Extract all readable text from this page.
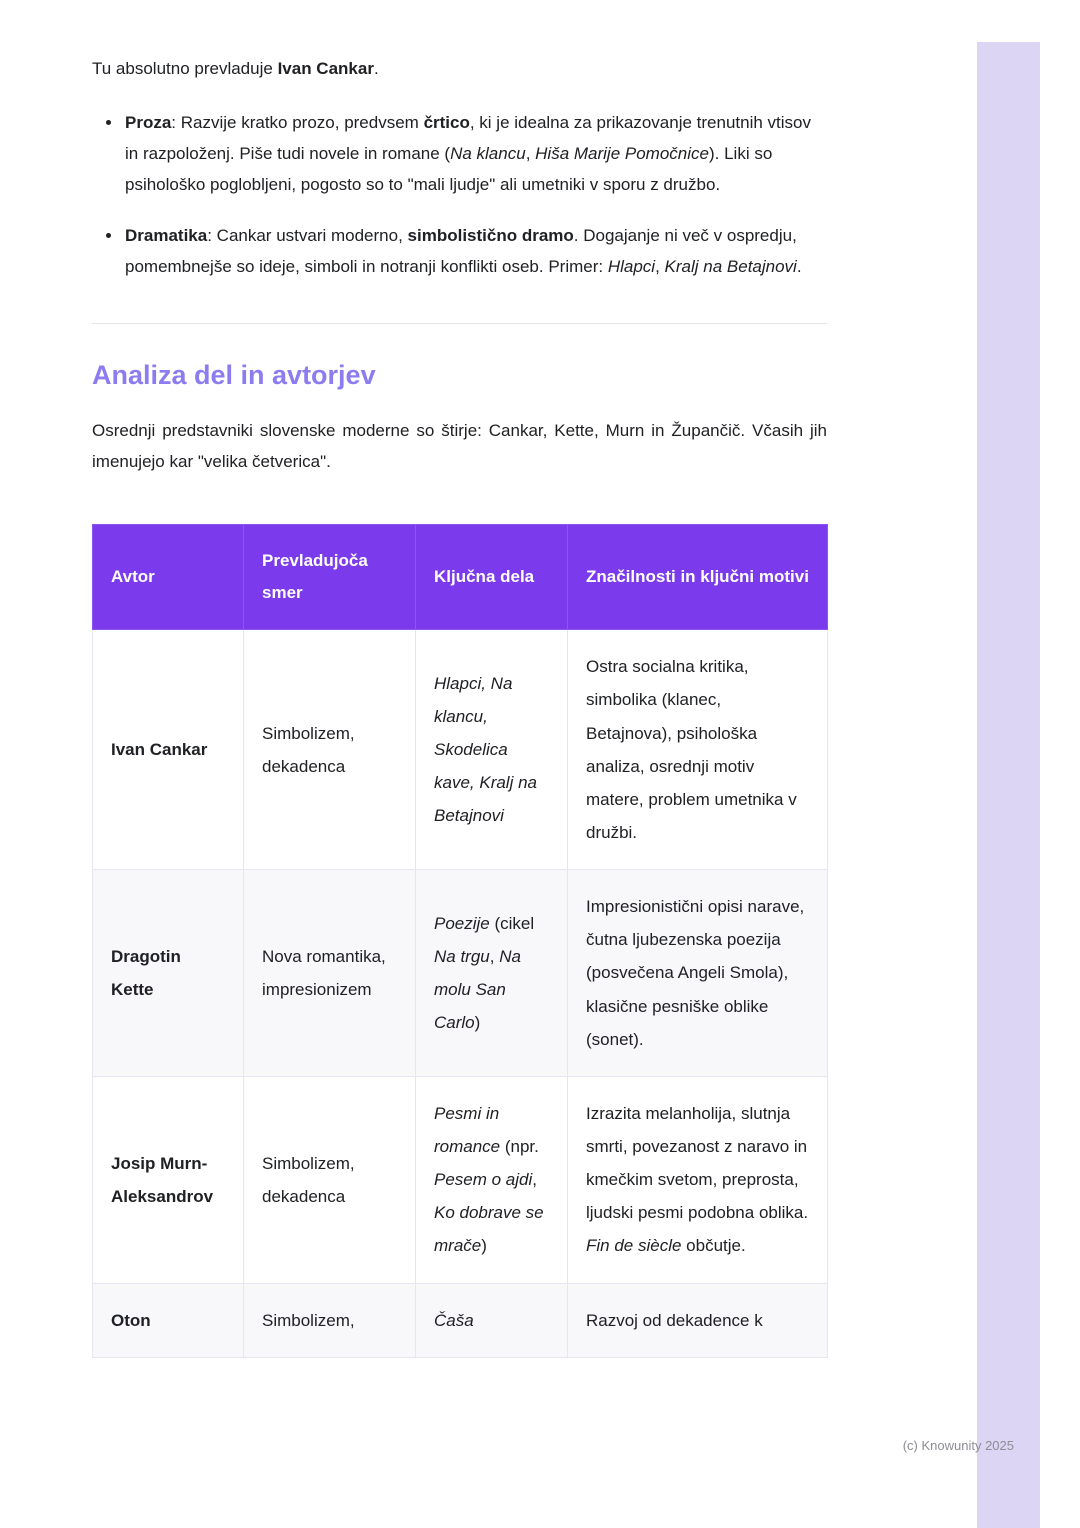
Tu absolutno prevladuje Ivan Cankar.

• Proza: Razvije kratko prozo, predvsem črtico, ki je idealna za prikazovanje trenutnih vtisov in razpoloženj. Piše tudi novele in romane (Na klancu, Hiša Marije Pomočnice). Liki so psihološko poglobljeni, pogosto so to "mali ljudje" ali umetniki v sporu z družbo.
• Dramatika: Cankar ustvari moderno, simbolistično dramo. Dogajanje ni več v ospredju, pomembnejše so ideje, simboli in notranji konflikti oseb. Primer: Hlapci, Kralj na Betajnovi.
Analiza del in avtorjev

Osrednji predstavniki slovenske moderne so štirje: Cankar, Kette, Murn in Župančič. Včasih jih imenujejo kar "velika četverica".

Avtor	Prevladujoča smer	Ključna dela	Značilnosti in ključni motivi
Ivan Cankar	Simbolizem, dekadenca	Hlapci, Na klancu, Skodelica kave, Kralj na Betajnovi	Ostra socialna kritika, simbolika (klanec, Betajnova), psihološka analiza, osrednji motiv matere, problem umetnika v družbi.
Dragotin Kette	Nova romantika, impresionizem	Poezije (cikel Na trgu, Na molu San Carlo)	Impresionistični opisi narave, čutna ljubezenska poezija (posvečena Angeli Smola), klasične pesniške oblike (sonet).
Josip Murn-Aleksandrov	Simbolizem, dekadenca	Pesmi in romance (npr. Pesem o ajdi, Ko dobrave se mrače)	Izrazita melanholija, slutnja smrti, povezanost z naravo in kmečkim svetom, preprosta, ljudski pesmi podobna oblika. Fin de siècle občutje.
Oton	Simbolizem,	Čaša	Razvoj od dekadence k
(c) Knowunity 2025
